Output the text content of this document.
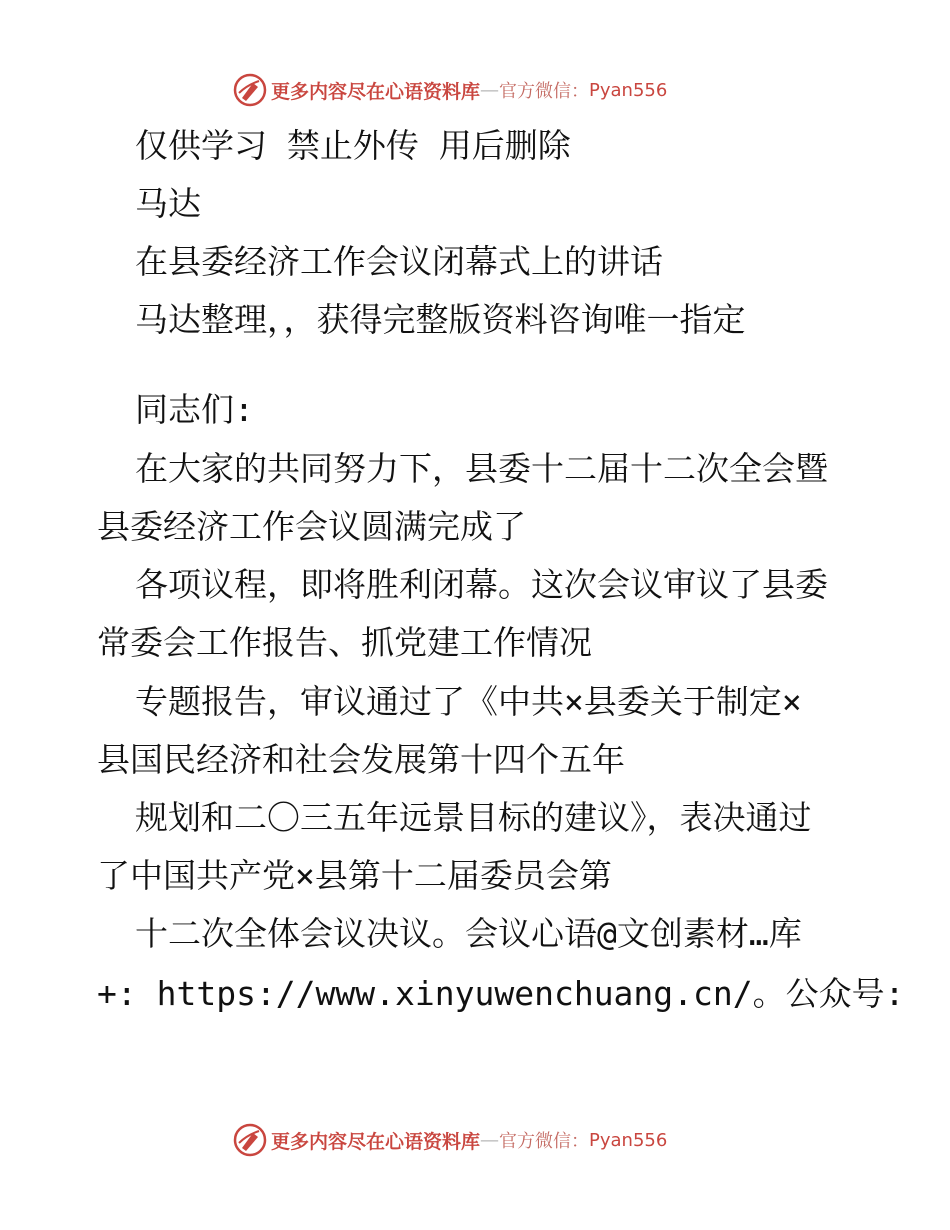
更多内容尽在心语资料库 — 官方微信： Pyan556
仅供学习 禁止外传 用后删除
马达
在县委经济工作会议闭幕式上的讲话
马达整理，，获得完整版资料咨询唯一指定
同志们:
在大家的共同努力下，县委十二届十二次全会暨
县委经济工作会议圆满完成了
各项议程，即将胜利闭幕。这次会议审议了县委
常委会工作报告、抓党建工作情况
专题报告，审议通过了《中共×县委关于制定×
县国民经济和社会发展第十四个五年
规划和二〇三五年远景目标的建议》，表决通过
了中国共产党×县第十二届委员会第
十二次全体会议决议。会议心语@文创素材…库
+: https://www.xinyuwenchuang.cn/。公众号:
更多内容尽在心语资料库 — 官方微信： Pyan556
